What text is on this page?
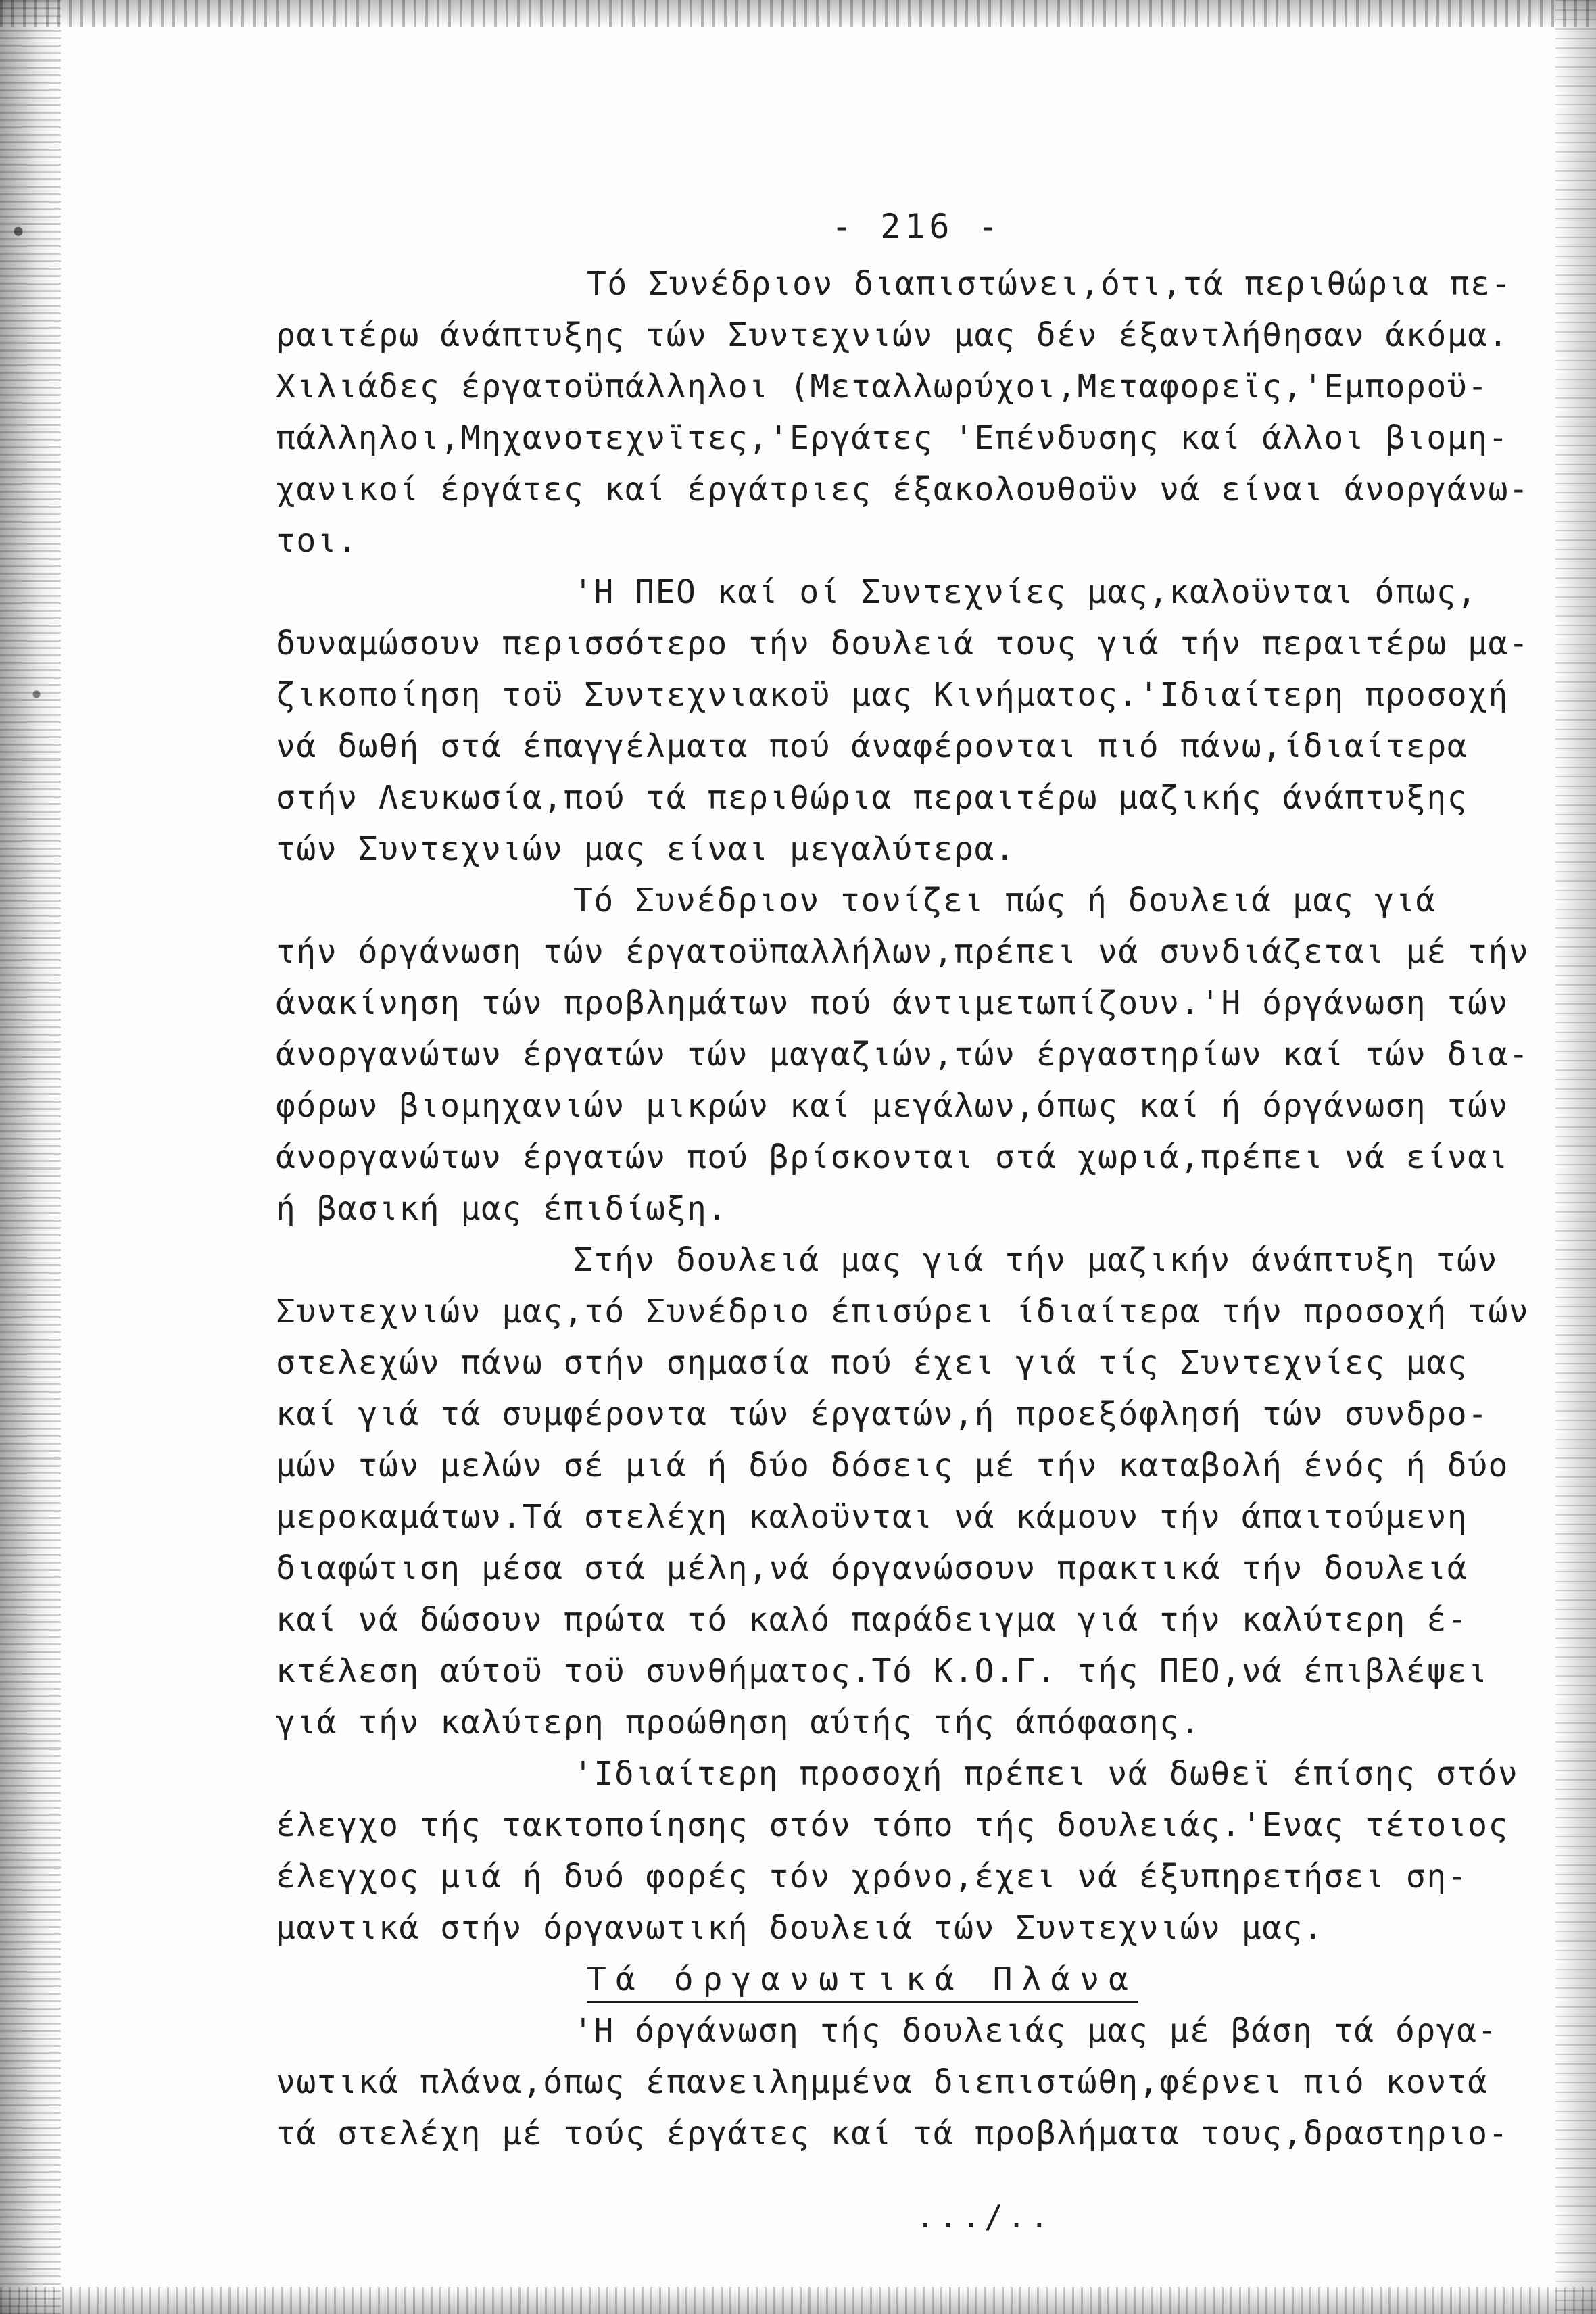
- 216 -
Τό Συνέδριον διαπιστώνει,ότι,τά περιθώρια πε-
ραιτέρω άνάπτυξης τών Συντεχνιών μας δέν έξαντλήθησαν άκόμα.
Χιλιάδες έργατοϋπάλληλοι (Μεταλλωρύχοι,Μεταφορεϊς,'Εμποροϋ-
πάλληλοι,Μηχανοτεχνϊτες,'Εργάτες 'Επένδυσης καί άλλοι βιομη-
χανικοί έργάτες καί έργάτριες έξακολουθοϋν νά είναι άνοργάνω-
τοι.
'Η ΠΕΟ καί οί Συντεχνίες μας,καλοϋνται όπως,
δυναμώσουν περισσότερο τήν δουλειά τους γιά τήν περαιτέρω μα-
ζικοποίηση τοϋ Συντεχνιακοϋ μας Κινήματος.'Ιδιαίτερη προσοχή
νά δωθή στά έπαγγέλματα πού άναφέρονται πιό πάνω,ίδιαίτερα
στήν Λευκωσία,πού τά περιθώρια περαιτέρω μαζικής άνάπτυξης
τών Συντεχνιών μας είναι μεγαλύτερα.
Τό Συνέδριον τονίζει πώς ή δουλειά μας γιά
τήν όργάνωση τών έργατοϋπαλλήλων,πρέπει νά συνδιάζεται μέ τήν
άνακίνηση τών προβλημάτων πού άντιμετωπίζουν.'Η όργάνωση τών
άνοργανώτων έργατών τών μαγαζιών,τών έργαστηρίων καί τών δια-
φόρων βιομηχανιών μικρών καί μεγάλων,όπως καί ή όργάνωση τών
άνοργανώτων έργατών πού βρίσκονται στά χωριά,πρέπει νά είναι
ή βασική μας έπιδίωξη.
Στήν δουλειά μας γιά τήν μαζικήν άνάπτυξη τών
Συντεχνιών μας,τό Συνέδριο έπισύρει ίδιαίτερα τήν προσοχή τών
στελεχών πάνω στήν σημασία πού έχει γιά τίς Συντεχνίες μας
καί γιά τά συμφέροντα τών έργατών,ή προεξόφλησή τών συνδρο-
μών τών μελών σέ μιά ή δύο δόσεις μέ τήν καταβολή ένός ή δύο
μεροκαμάτων.Τά στελέχη καλοϋνται νά κάμουν τήν άπαιτούμενη
διαφώτιση μέσα στά μέλη,νά όργανώσουν πρακτικά τήν δουλειά
καί νά δώσουν πρώτα τό καλό παράδειγμα γιά τήν καλύτερη έ-
κτέλεση αύτοϋ τοϋ συνθήματος.Τό Κ.Ο.Γ. τής ΠΕΟ,νά έπιβλέψει
γιά τήν καλύτερη προώθηση αύτής τής άπόφασης.
'Ιδιαίτερη προσοχή πρέπει νά δωθεϊ έπίσης στόν
έλεγχο τής τακτοποίησης στόν τόπο τής δουλειάς.'Ενας τέτοιος
έλεγχος μιά ή δυό φορές τόν χρόνο,έχει νά έξυπηρετήσει ση-
μαντικά στήν όργανωτική δουλειά τών Συντεχνιών μας.
Τά όργανωτικά Πλάνα
'Η όργάνωση τής δουλειάς μας μέ βάση τά όργα-
νωτικά πλάνα,όπως έπανειλημμένα διεπιστώθη,φέρνει πιό κοντά
τά στελέχη μέ τούς έργάτες καί τά προβλήματα τους,δραστηριο-
.../..
